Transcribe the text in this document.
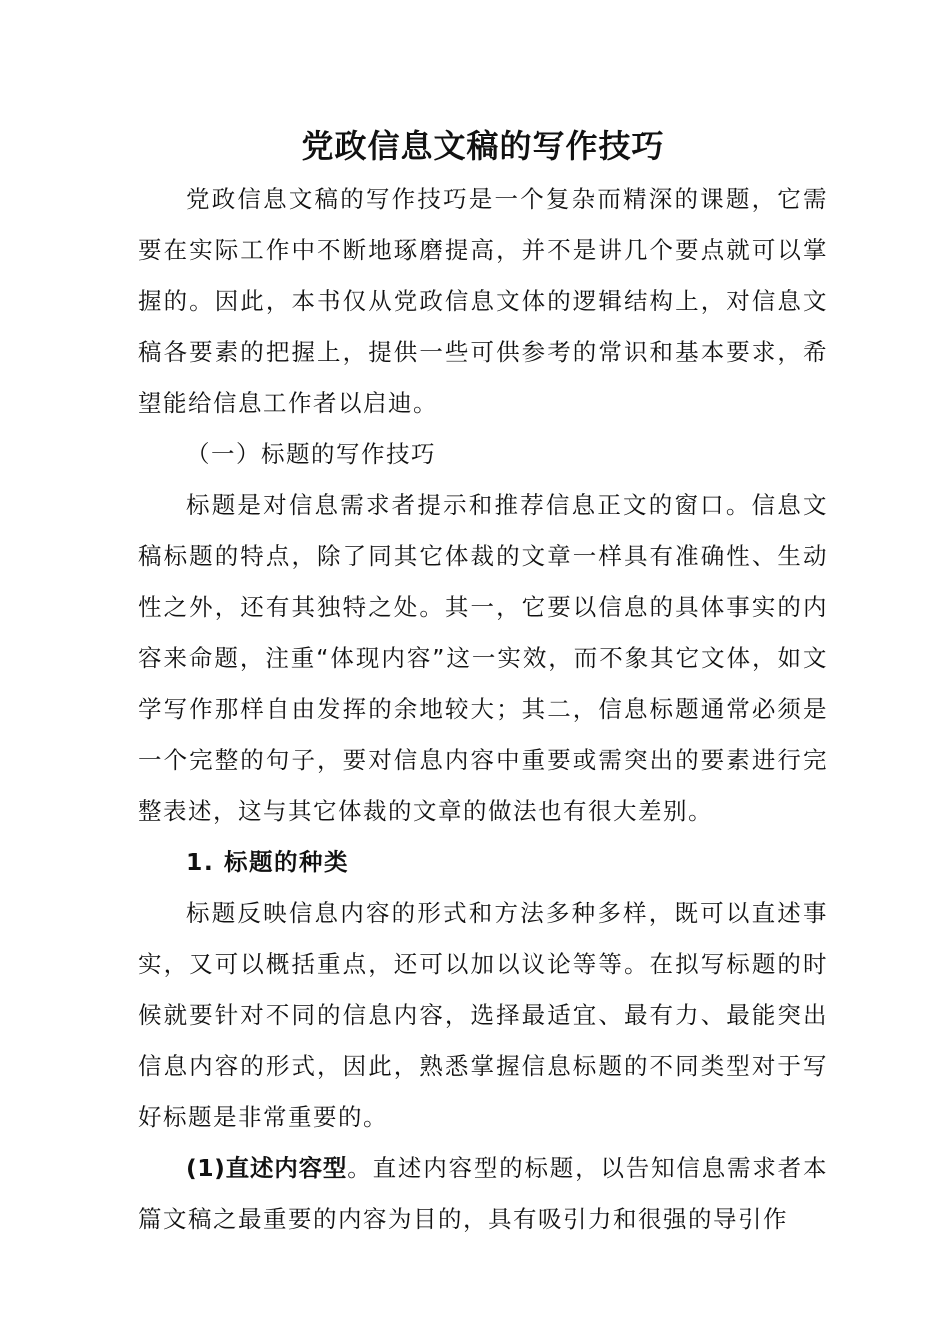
党政信息文稿的写作技巧

党政信息文稿的写作技巧是一个复杂而精深的课题，它需要在实际工作中不断地琢磨提高，并不是讲几个要点就可以掌握的。因此，本书仅从党政信息文体的逻辑结构上，对信息文稿各要素的把握上，提供一些可供参考的常识和基本要求，希望能给信息工作者以启迪。

（一）标题的写作技巧

标题是对信息需求者提示和推荐信息正文的窗口。信息文稿标题的特点，除了同其它体裁的文章一样具有准确性、生动性之外，还有其独特之处。其一，它要以信息的具体事实的内容来命题，注重“体现内容”这一实效，而不象其它文体，如文学写作那样自由发挥的余地较大；其二，信息标题通常必须是一个完整的句子，要对信息内容中重要或需突出的要素进行完整表述，这与其它体裁的文章的做法也有很大差别。

1. 标题的种类

标题反映信息内容的形式和方法多种多样，既可以直述事实，又可以概括重点，还可以加以议论等等。在拟写标题的时候就要针对不同的信息内容，选择最适宜、最有力、最能突出信息内容的形式，因此，熟悉掌握信息标题的不同类型对于写好标题是非常重要的。

(1)直述内容型。直述内容型的标题，以告知信息需求者本篇文稿之最重要的内容为目的，具有吸引力和很强的导引作
